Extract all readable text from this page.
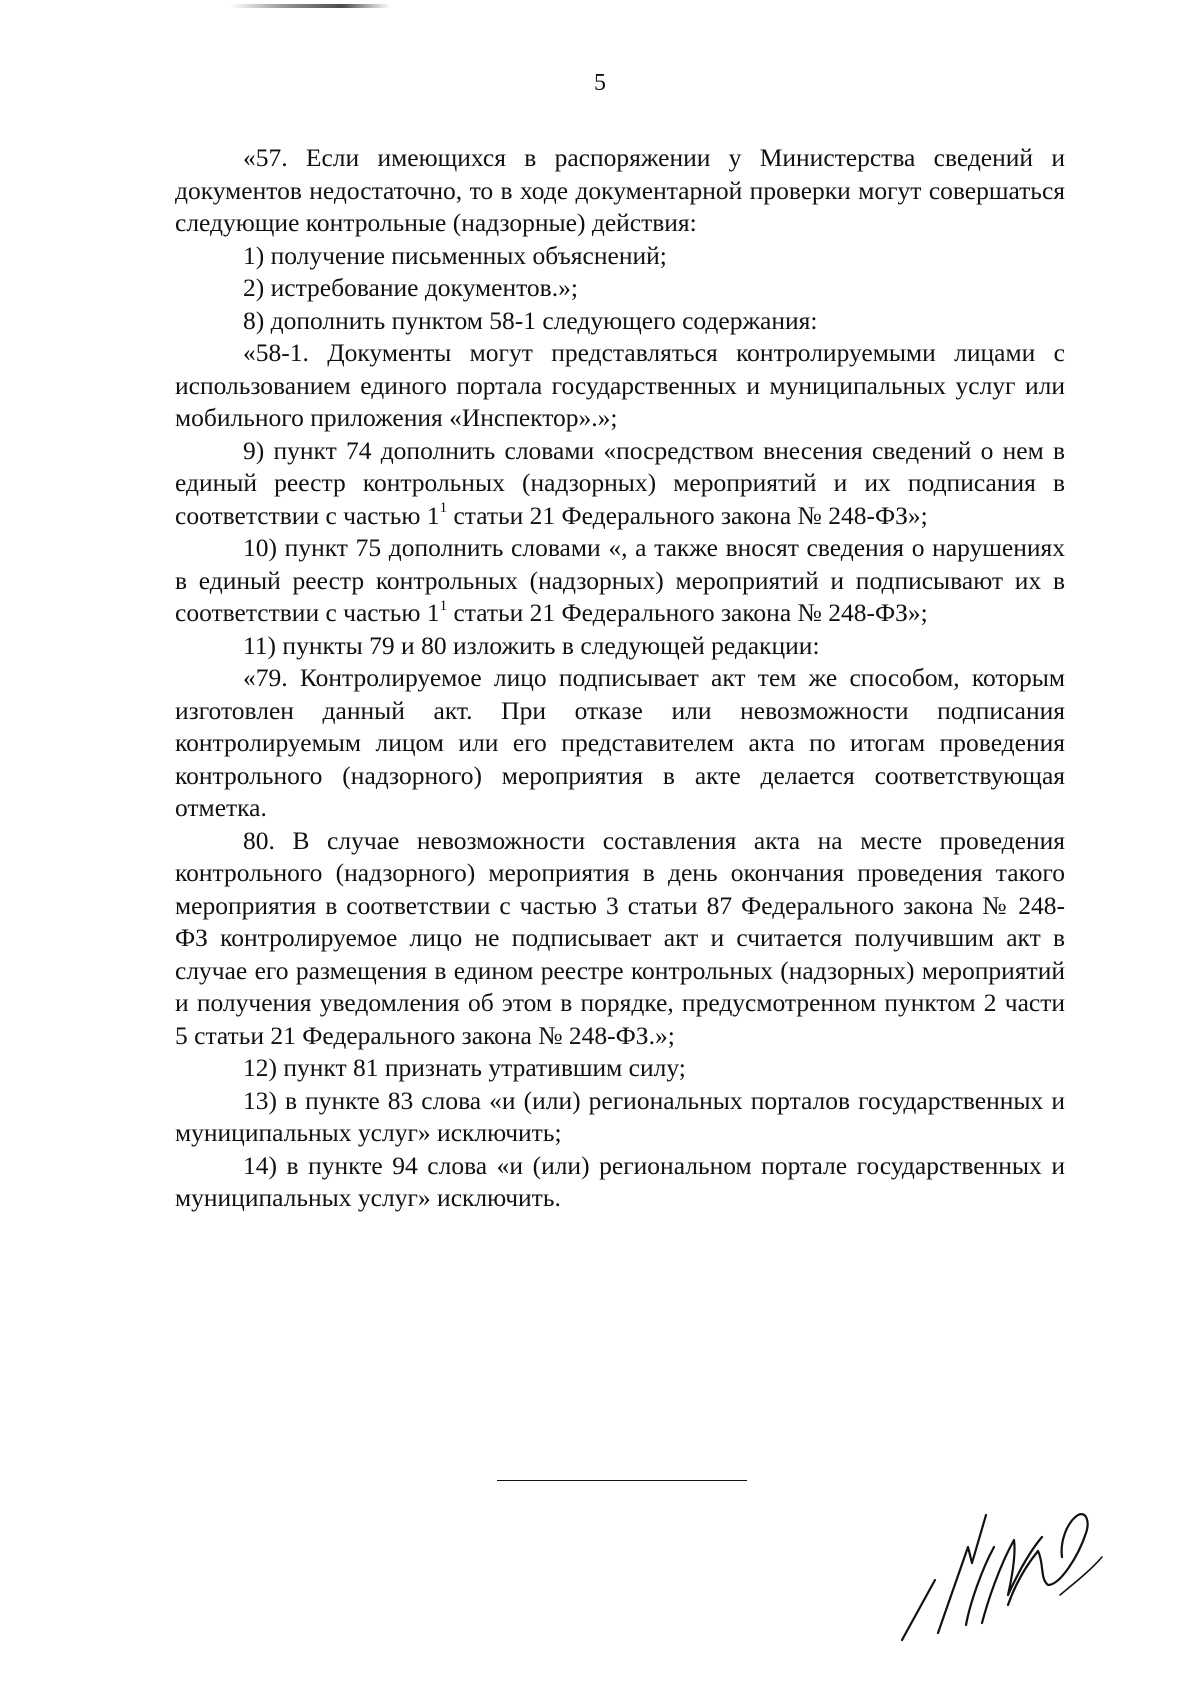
5

«57. Если имеющихся в распоряжении у Министерства сведений и документов недостаточно, то в ходе документарной проверки могут совершаться следующие контрольные (надзорные) действия:

1) получение письменных объяснений;

2) истребование документов.»;

8) дополнить пунктом 58-1 следующего содержания:

«58-1. Документы могут представляться контролируемыми лицами с использованием единого портала государственных и муниципальных услуг или мобильного приложения «Инспектор».»;

9) пункт 74 дополнить словами «посредством внесения сведений о нем в единый реестр контрольных (надзорных) мероприятий и их подписания в соответствии с частью $1^1$ статьи 21 Федерального закона № 248-ФЗ»;

10) пункт 75 дополнить словами «, а также вносят сведения о нарушениях в единый реестр контрольных (надзорных) мероприятий и подписывают их в соответствии с частью $1^1$ статьи 21 Федерального закона № 248-ФЗ»;

11) пункты 79 и 80 изложить в следующей редакции:

«79. Контролируемое лицо подписывает акт тем же способом, которым изготовлен данный акт. При отказе или невозможности подписания контролируемым лицом или его представителем акта по итогам проведения контрольного (надзорного) мероприятия в акте делается соответствующая отметка.

80. В случае невозможности составления акта на месте проведения контрольного (надзорного) мероприятия в день окончания проведения такого мероприятия в соответствии с частью 3 статьи 87 Федерального закона № 248-ФЗ контролируемое лицо не подписывает акт и считается получившим акт в случае его размещения в едином реестре контрольных (надзорных) мероприятий и получения уведомления об этом в порядке, предусмотренном пунктом 2 части 5 статьи 21 Федерального закона № 248-ФЗ.»;

12) пункт 81 признать утратившим силу;

13) в пункте 83 слова «и (или) региональных порталов государственных и муниципальных услуг» исключить;

14) в пункте 94 слова «и (или) региональном портале государственных и муниципальных услуг» исключить.
